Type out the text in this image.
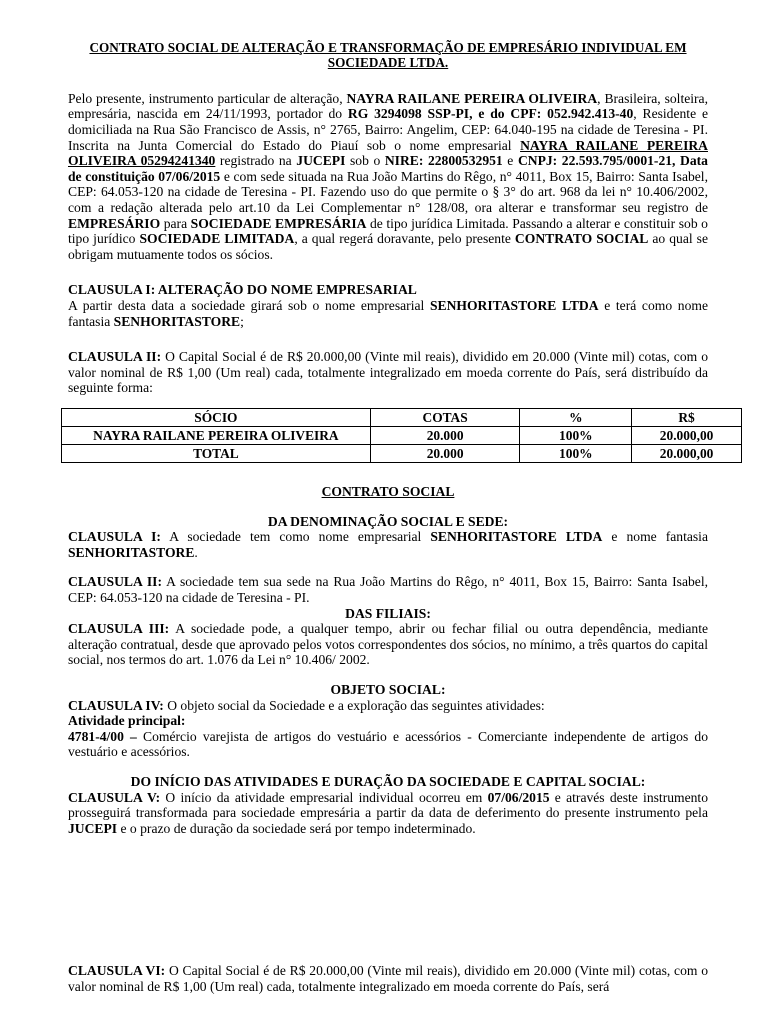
CONTRATO SOCIAL DE ALTERAÇÃO E TRANSFORMAÇÃO DE EMPRESÁRIO INDIVIDUAL EM SOCIEDADE LTDA.

Pelo presente, instrumento particular de alteração, NAYRA RAILANE PEREIRA OLIVEIRA, Brasileira, solteira, empresária, nascida em 24/11/1993, portador do RG 3294098 SSP-PI, e do CPF: 052.942.413-40, Residente e domiciliada na Rua São Francisco de Assis, n° 2765, Bairro: Angelim, CEP: 64.040-195 na cidade de Teresina - PI. Inscrita na Junta Comercial do Estado do Piauí sob o nome empresarial NAYRA RAILANE PEREIRA OLIVEIRA 05294241340 registrado na JUCEPI sob o NIRE: 22800532951 e CNPJ: 22.593.795/0001-21, Data de constituição 07/06/2015 e com sede situada na Rua João Martins do Rêgo, n° 4011, Box 15, Bairro: Santa Isabel, CEP: 64.053-120 na cidade de Teresina - PI. Fazendo uso do que permite o § 3° do art. 968 da lei n° 10.406/2002, com a redação alterada pelo art.10 da Lei Complementar n° 128/08, ora alterar e transformar seu registro de EMPRESÁRIO para SOCIEDADE EMPRESÁRIA de tipo jurídica Limitada. Passando a alterar e constituir sob o tipo jurídico SOCIEDADE LIMITADA, a qual regerá doravante, pelo presente CONTRATO SOCIAL ao qual se obrigam mutuamente todos os sócios.

CLAUSULA I: ALTERAÇÃO DO NOME EMPRESARIAL

A partir desta data a sociedade girará sob o nome empresarial SENHORITASTORE LTDA e terá como nome fantasia SENHORITASTORE;

CLAUSULA II: O Capital Social é de R$ 20.000,00 (Vinte mil reais), dividido em 20.000 (Vinte mil) cotas, com o valor nominal de R$ 1,00 (Um real) cada, totalmente integralizado em moeda corrente do País, será distribuído da seguinte forma:

SÓCIO	COTAS	%	R$
NAYRA RAILANE PEREIRA OLIVEIRA	20.000	100%	20.000,00
TOTAL	20.000	100%	20.000,00
CONTRATO SOCIAL
DA DENOMINAÇÃO SOCIAL E SEDE:

CLAUSULA I: A sociedade tem como nome empresarial SENHORITASTORE LTDA e nome fantasia SENHORITASTORE.

CLAUSULA II: A sociedade tem sua sede na Rua João Martins do Rêgo, n° 4011, Box 15, Bairro: Santa Isabel, CEP: 64.053-120 na cidade de Teresina - PI.

DAS FILIAIS:

CLAUSULA III: A sociedade pode, a qualquer tempo, abrir ou fechar filial ou outra dependência, mediante alteração contratual, desde que aprovado pelos votos correspondentes dos sócios, no mínimo, a três quartos do capital social, nos termos do art. 1.076 da Lei n° 10.406/ 2002.

OBJETO SOCIAL:

CLAUSULA IV: O objeto social da Sociedade e a exploração das seguintes atividades:

Atividade principal:

4781-4/00 – Comércio varejista de artigos do vestuário e acessórios - Comerciante independente de artigos do vestuário e acessórios.

DO INÍCIO DAS ATIVIDADES E DURAÇÃO DA SOCIEDADE E CAPITAL SOCIAL:

CLAUSULA V: O início da atividade empresarial individual ocorreu em 07/06/2015 e através deste instrumento prosseguirá transformada para sociedade empresária a partir da data de deferimento do presente instrumento pela JUCEPI e o prazo de duração da sociedade será por tempo indeterminado.

CLAUSULA VI: O Capital Social é de R$ 20.000,00 (Vinte mil reais), dividido em 20.000 (Vinte mil) cotas, com o valor nominal de R$ 1,00 (Um real) cada, totalmente integralizado em moeda corrente do País, será
